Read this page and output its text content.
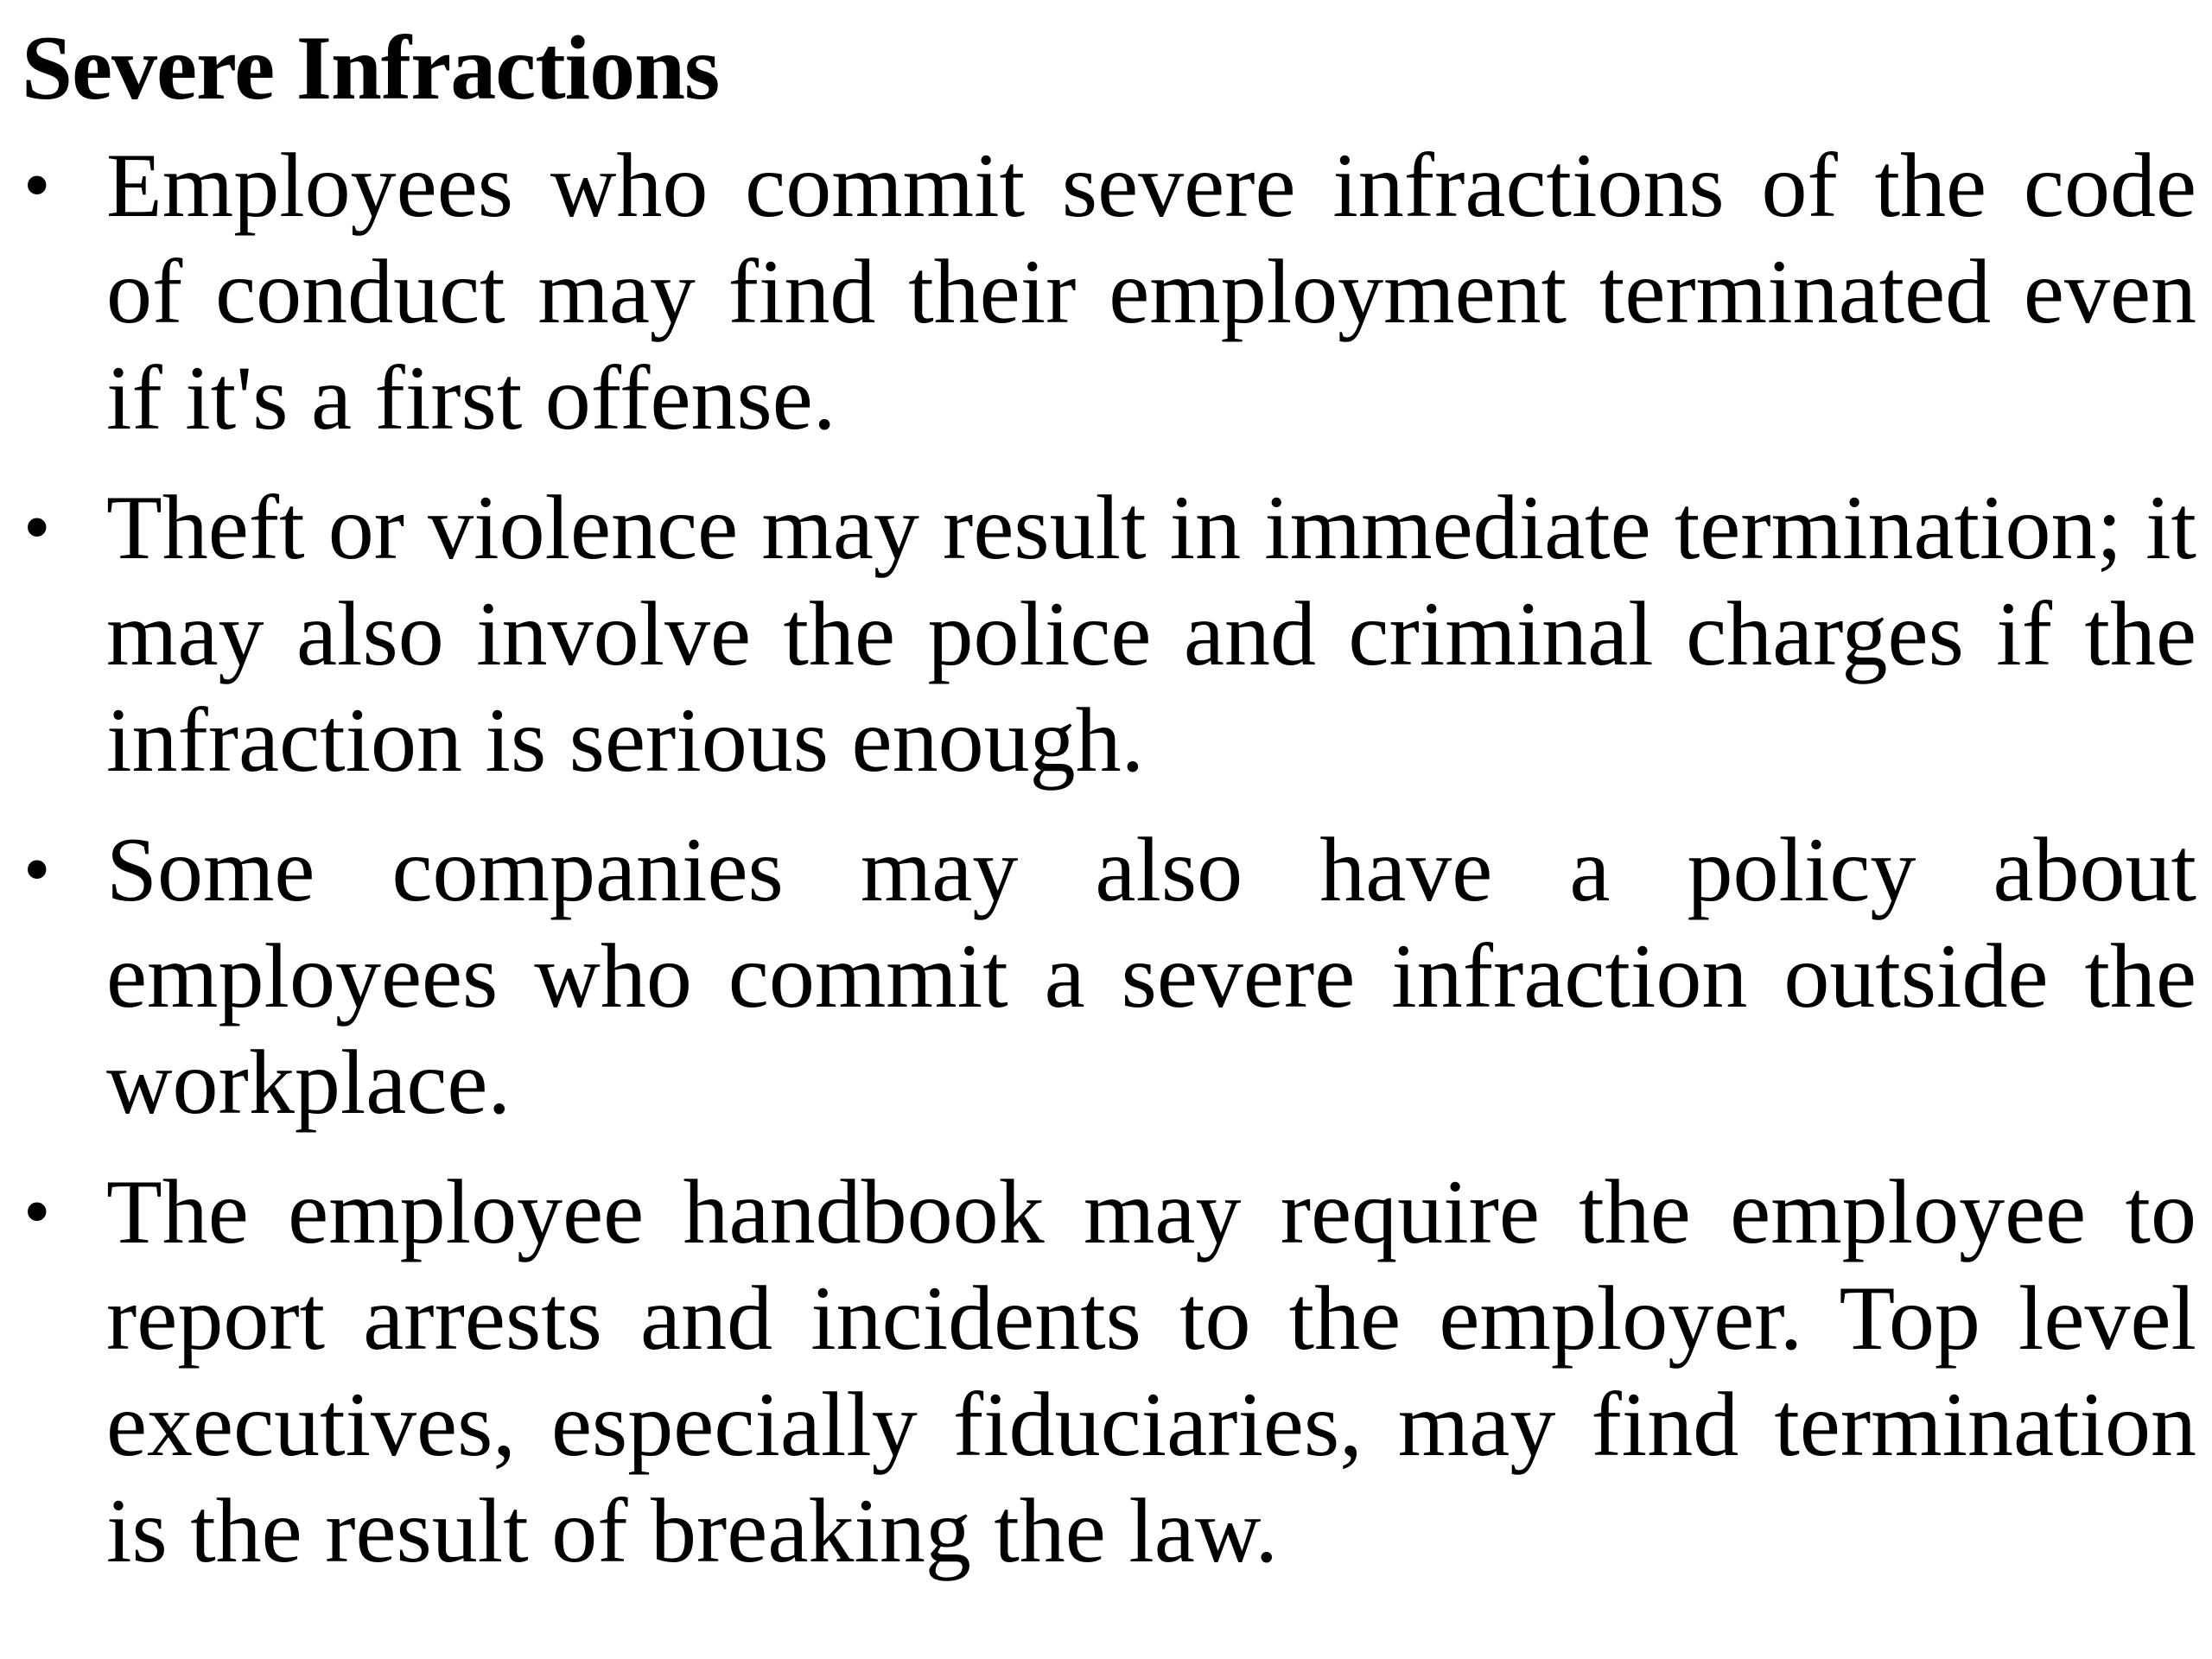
Severe Infractions
• Employees who commit severe infractions of the code of conduct may find their employment terminated even if it's a first offense.
• Theft or violence may result in immediate termination; it may also involve the police and criminal charges if the infraction is serious enough.
• Some companies may also have a policy about employees who commit a severe infraction outside the workplace.
• The employee handbook may require the employee to report arrests and incidents to the employer. Top level executives, especially fiduciaries, may find termination is the result of breaking the law.
